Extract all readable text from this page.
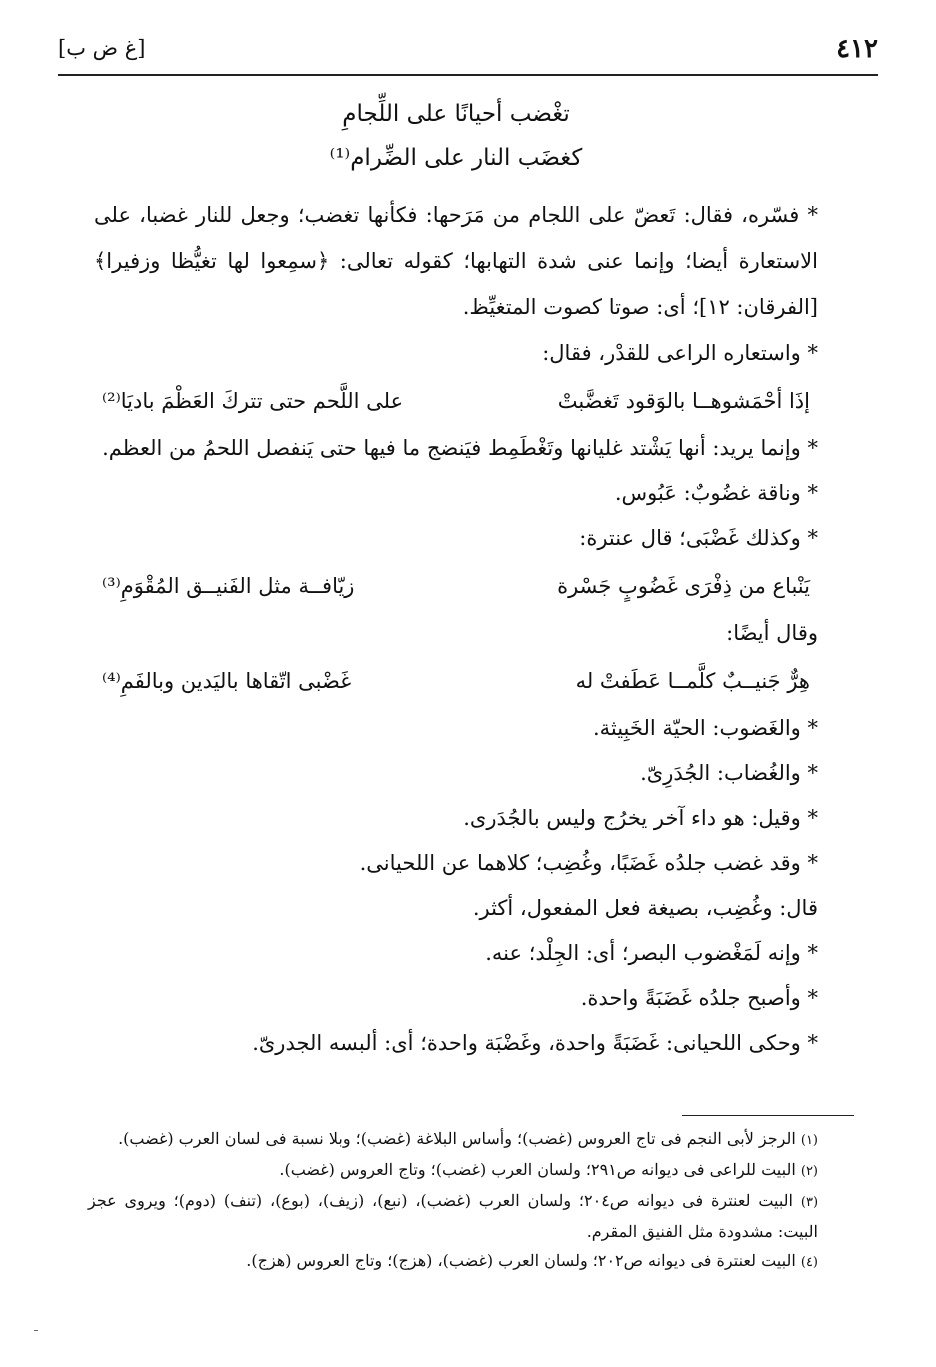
٤١٢
[غ ض ب]
تغْضب أحيانًا على اللِّجامِ
كغضَب النار على الضِّرام⁽¹⁾

* فسّره، فقال: تَعضّ على اللجام من مَرَحها: فكأنها تغضب؛ وجعل للنار غضبا، على الاستعارة أيضا؛ وإنما عنى شدة التهابها؛ كقوله تعالى: ﴿سمِعوا لها تغيُّظا وزفيرا﴾ [الفرقان: ١٢]؛ أى: صوتا كصوت المتغيِّظ.

* واستعاره الراعى للقدْر، فقال:

إذَا أحْمَشوهــا بالوَقود تَغضَّبتْ
على اللَّحم حتى تتركَ العَظْمَ باديَا⁽²⁾

* وإنما يريد: أنها يَشْتد غليانها وتَغْطَمِط فيَنضج ما فيها حتى يَنفصل اللحمُ من العظم.

* وناقة غضُوبٌ: عَبُوس.

* وكذلك غَضْبَى؛ قال عنترة:

يَنْباع من ذِفْرَى غَضُوبٍ جَسْرة
زيّافــة مثل الفَنيــق المُقْوَمِ⁽³⁾

وقال أيضًا:

هِرٌّ جَنيــبٌ كلَّمــا عَطَفتْ له
غَضْبى اتّقاها باليَدين وبالفَمِ⁽⁴⁾

* والغَضوب: الحيّة الخَبِيثة.

* والغُضاب: الجُدَرِىّ.

* وقيل: هو داء آخر يخرُج وليس بالجُدَرى.

* وقد غضب جلدُه غَضَبًا، وغُضِب؛ كلاهما عن اللحيانى.

قال: وغُضِب، بصيغة فعل المفعول، أكثر.

* وإنه لَمَغْضوب البصر؛ أى: الجِلْد؛ عنه.

* وأصبح جلدُه غَضَبَةً واحدة.

* وحكى اللحيانى: غَضَبَةً واحدة، وغَضْبَة واحدة؛ أى: ألبسه الجدرىّ.

(١) الرجز لأبى النجم فى تاج العروس (غضب)؛ وأساس البلاغة (غضب)؛ وبلا نسبة فى لسان العرب (غضب).

(٢) البيت للراعى فى ديوانه ص٢٩١؛ ولسان العرب (غضب)؛ وتاج العروس (غضب).

(٣) البيت لعنترة فى ديوانه ص٢٠٤؛ ولسان العرب (غضب)، (نبع)، (زيف)، (بوع)، (تنف) (دوم)؛ ويروى عجز البيت: مشدودة مثل الفنيق المقرم.

(٤) البيت لعنترة فى ديوانه ص٢٠٢؛ ولسان العرب (غضب)، (هزج)؛ وتاج العروس (هزج).
